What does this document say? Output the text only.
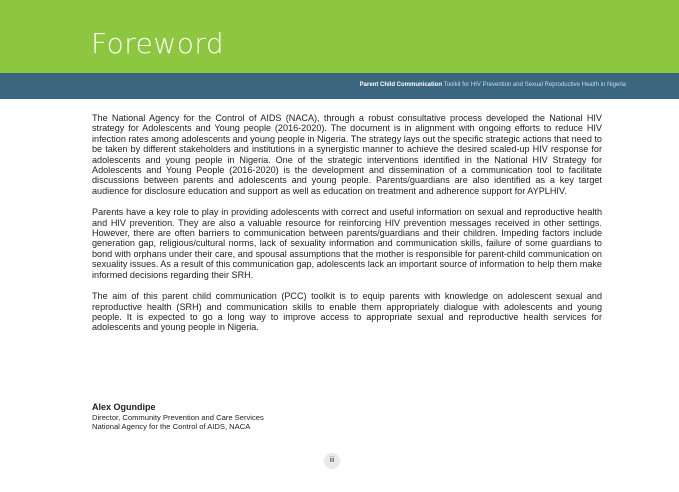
Foreword
Parent Child Communication Toolkit for HIV Prevention and Sexual Reproductive Health in Nigeria

The National Agency for the Control of AIDS (NACA), through a robust consultative process developed the National HIV strategy for Adolescents and Young people (2016-2020). The document is in alignment with ongoing efforts to reduce HIV infection rates among adolescents and young people in Nigeria. The strategy lays out the specific strategic actions that need to be taken by different stakeholders and institutions in a synergistic manner to achieve the desired scaled-up HIV response for adolescents and young people in Nigeria. One of the strategic interventions identified in the National HIV Strategy for Adolescents and Young People (2016-2020) is the development and dissemination of a communication tool to facilitate discussions between parents and adolescents and young people. Parents/guardians are also identified as a key target audience for disclosure education and support as well as education on treatment and adherence support for AYPLHIV.

Parents have a key role to play in providing adolescents with correct and useful information on sexual and reproductive health and HIV prevention. They are also a valuable resource for reinforcing HIV prevention messages received in other settings. However, there are often barriers to communication between parents/guardians and their children. Impeding factors include generation gap, religious/cultural norms, lack of sexuality information and communication skills, failure of some guardians to bond with orphans under their care, and spousal assumptions that the mother is responsible for parent-child communication on sexuality issues. As a result of this communication gap, adolescents lack an important source of information to help them make informed decisions regarding their SRH.

The aim of this parent child communication (PCC) toolkit is to equip parents with knowledge on adolescent sexual and reproductive health (SRH) and communication skills to enable them appropriately dialogue with adolescents and young people. It is expected to go a long way to improve access to appropriate sexual and reproductive health services for adolescents and young people in Nigeria.

Alex Ogundipe
Director, Community Prevention and Care Services
National Agency for the Control of AIDS, NACA
iii
